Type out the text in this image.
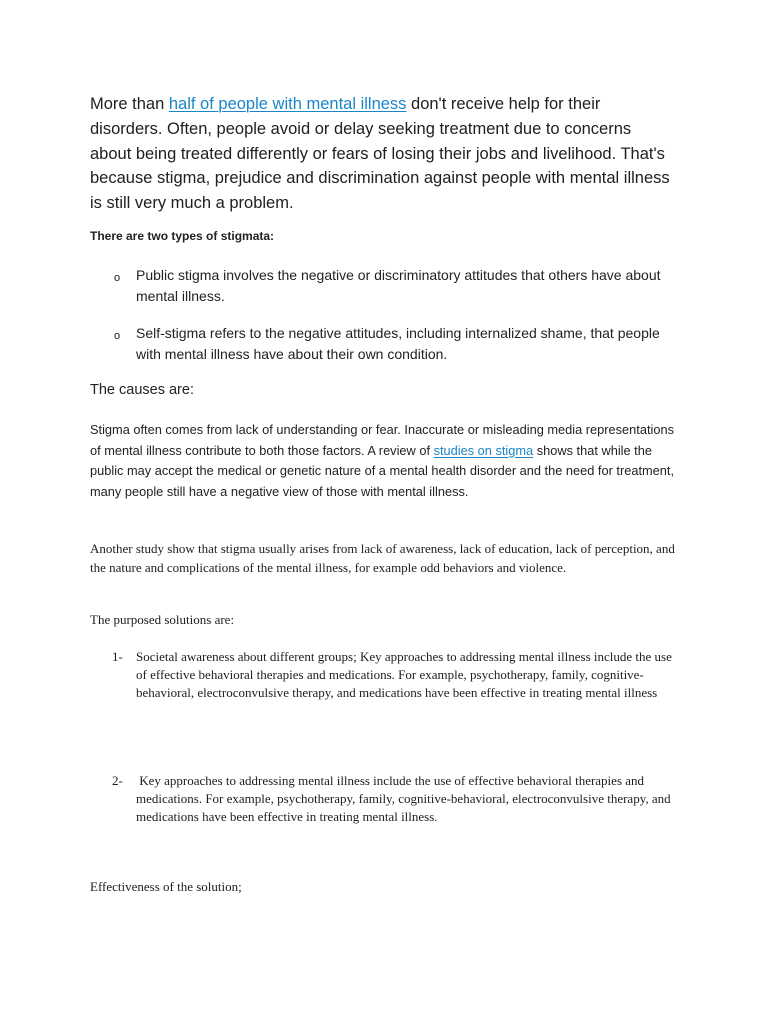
More than half of people with mental illness don't receive help for their disorders. Often, people avoid or delay seeking treatment due to concerns about being treated differently or fears of losing their jobs and livelihood. That's because stigma, prejudice and discrimination against people with mental illness is still very much a problem.
There are two types of stigmata:
o Public stigma involves the negative or discriminatory attitudes that others have about mental illness.
o Self-stigma refers to the negative attitudes, including internalized shame, that people with mental illness have about their own condition.
The causes are:
Stigma often comes from lack of understanding or fear. Inaccurate or misleading media representations of mental illness contribute to both those factors. A review of studies on stigma shows that while the public may accept the medical or genetic nature of a mental health disorder and the need for treatment, many people still have a negative view of those with mental illness.
Another study show that stigma usually arises from lack of awareness, lack of education, lack of perception, and the nature and complications of the mental illness, for example odd behaviors and violence.
The purposed solutions are:
1- Societal awareness about different groups; Key approaches to addressing mental illness include the use of effective behavioral therapies and medications. For example, psychotherapy, family, cognitive-behavioral, electroconvulsive therapy, and medications have been effective in treating mental illness
2- Key approaches to addressing mental illness include the use of effective behavioral therapies and medications. For example, psychotherapy, family, cognitive-behavioral, electroconvulsive therapy, and medications have been effective in treating mental illness.
Effectiveness of the solution;
